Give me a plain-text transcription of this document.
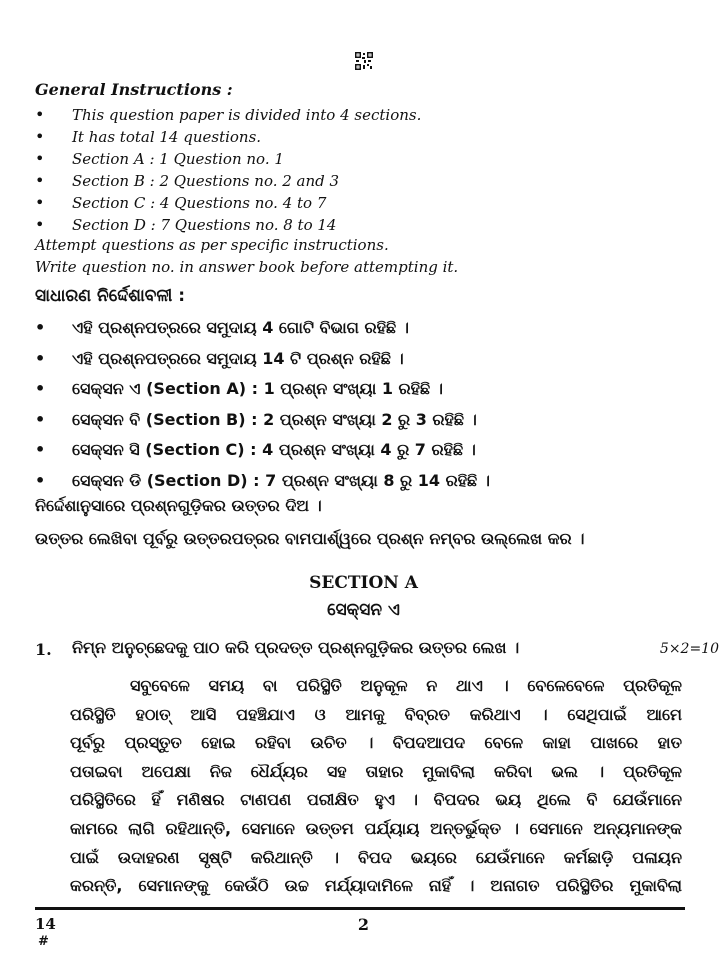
General Instructions :
• This question paper is divided into 4 sections.
• It has total 14 questions.
• Section A : 1 Question no. 1
• Section B : 2 Questions no. 2 and 3
• Section C : 4 Questions no. 4 to 7
• Section D : 7 Questions no. 8 to 14
Attempt questions as per specific instructions.
Write question no. in answer book before attempting it.
ସାଧାରଣ ନିର୍ଦ୍ଦେଶାବଳୀ :
• ଏହି ପ୍ରଶ୍ନପତ୍ରରେ ସମୁଦାୟ 4 ଗୋଟି ବିଭାଗ ରହିଛି ।
• ଏହି ପ୍ରଶ୍ନପତ୍ରରେ ସମୁଦାୟ 14 ଟି ପ୍ରଶ୍ନ ରହିଛି ।
• ସେକ୍ସନ ଏ (Section A) : 1 ପ୍ରଶ୍ନ ସଂଖ୍ୟା 1 ରହିଛି ।
• ସେକ୍ସନ ବି (Section B) : 2 ପ୍ରଶ୍ନ ସଂଖ୍ୟା 2 ରୁ 3 ରହିଛି ।
• ସେକ୍ସନ ସି (Section C) : 4 ପ୍ରଶ୍ନ ସଂଖ୍ୟା 4 ରୁ 7 ରହିଛି ।
• ସେକ୍ସନ ଡି (Section D) : 7 ପ୍ରଶ୍ନ ସଂଖ୍ୟା 8 ରୁ 14 ରହିଛି ।
ନିର୍ଦ୍ଦେଶାନୁସାରେ ପ୍ରଶ୍ନଗୁଡ଼ିକର ଉତ୍ତର ଦିଅ ।
ଉତ୍ତର ଲେଖିବା ପୂର୍ବରୁ ଉତ୍ତରପତ୍ରର ବାମପାର୍ଶ୍ୱରେ ପ୍ରଶ୍ନ ନମ୍ବର ଉଲ୍ଲେଖ କର ।
SECTION A
ସେକ୍ସନ ଏ
1. ନିମ୍ନ ଅନୁଚ୍ଛେଦକୁ ପାଠ କରି ପ୍ରଦତ୍ତ ପ୍ରଶ୍ନଗୁଡ଼ିକର ଉତ୍ତର ଲେଖ ।	5×2=10
ସବୁବେଳେ ସମୟ ବା ପରିସ୍ଥିତି ଅନୁକୂଳ ନ ଥାଏ । ବେଳେବେଳେ ପ୍ରତିକୂଳ
ପରିସ୍ଥିତି ହଠାତ୍ ଆସି ପହଞ୍ଚିଯାଏ ଓ ଆମକୁ ବିବ୍ରତ କରିଥାଏ । ସେଥିପାଇଁ ଆମେ
ପୂର୍ବରୁ ପ୍ରସ୍ତୁତ ହୋଇ ରହିବା ଉଚିତ । ବିପଦଆପଦ ବେଳେ କାହା ପାଖରେ ହାତ
ପତାଇବା ଅପେକ୍ଷା ନିଜ ଧୈର୍ଯ୍ୟର ସହ ତାହାର ମୁକାବିଲା କରିବା ଭଲ । ପ୍ରତିକୂଳ
ପରିସ୍ଥିତିରେ ହିଁ ମଣିଷର ଟାଣପଣ ପରୀକ୍ଷିତ ହୁଏ । ବିପଦର ଭୟ ଥିଲେ ବି ଯେଉଁମାନେ
କାମରେ ଲାଗି ରହିଥାନ୍ତି, ସେମାନେ ଉତ୍ତମ ପର୍ଯ୍ୟାୟ ଅନ୍ତର୍ଭୁକ୍ତ । ସେମାନେ ଅନ୍ୟମାନଙ୍କ
ପାଇଁ ଉଦାହରଣ ସୃଷ୍ଟି କରିଥାନ୍ତି । ବିପଦ ଭୟରେ ଯେଉଁମାନେ କର୍ମଛାଡ଼ି ପଳାୟନ
କରନ୍ତି, ସେମାନଙ୍କୁ କେଉଁଠି ଉଚ୍ଚ ମର୍ଯ୍ୟାଦାମିଳେ ନାହିଁ । ଅନାଗତ ପରିସ୍ଥିତିର ମୁକାବିଲା
14
#
2
